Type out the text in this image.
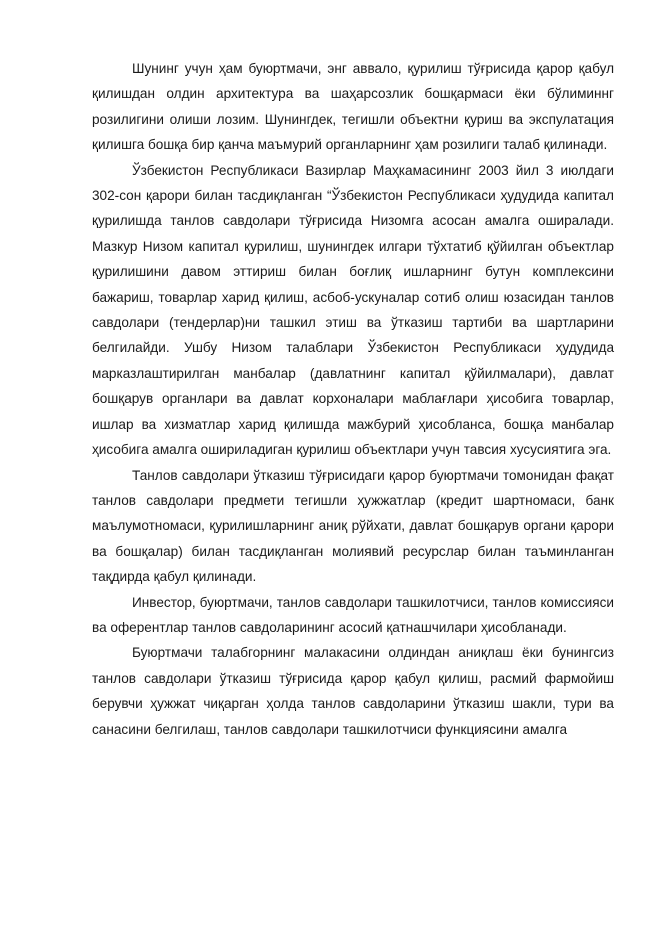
Шунинг учун ҳам буюртмачи, энг аввало, қурилиш тўғрисида қарор қабул қилишдан олдин архитектура ва шаҳарсозлик бошқармаси ёки бўлиминнг розилигини олиши лозим. Шунингдек, тегишли объектни қуриш ва экспулатация қилишга бошқа бир қанча маъмурий органларнинг ҳам розилиги талаб қилинади.

Ўзбекистон Республикаси Вазирлар Маҳкамасининг 2003 йил 3 июлдаги 302-сон қарори билан тасдиқланган “Ўзбекистон Республикаси ҳудудида капитал қурилишда танлов савдолари тўғрисида Низомга асосан амалга оширалади. Мазкур Низом капитал қурилиш, шунингдек илгари тўхтатиб қўйилган объектлар қурилишини давом эттириш билан боғлиқ ишларнинг бутун комплексини бажариш, товарлар харид қилиш, асбоб-ускуналар сотиб олиш юзасидан танлов савдолари (тендерлар)ни ташкил этиш ва ўтказиш тартиби ва шартларини белгилайди. Ушбу Низом талаблари Ўзбекистон Республикаси ҳудудида марказлаштирилган манбалар (давлатнинг капитал қўйилмалари), давлат бошқарув органлари ва давлат корхоналари маблағлари ҳисобига товарлар, ишлар ва хизматлар харид қилишда мажбурий ҳисобланса, бошқа манбалар ҳисобига амалга ошириладиган қурилиш объектлари учун тавсия хусусиятига эга.

Танлов савдолари ўтказиш тўғрисидаги қарор буюртмачи томонидан фақат танлов савдолари предмети тегишли ҳужжатлар (кредит шартномаси, банк маълумотномаси, қурилишларнинг аниқ рўйхати, давлат бошқарув органи қарори ва бошқалар) билан тасдиқланган молиявий ресурслар билан таъминланган тақдирда қабул қилинади.

Инвестор, буюртмачи, танлов савдолари ташкилотчиси, танлов комиссияси ва оферентлар танлов савдоларининг асосий қатнашчилари ҳисобланади.

Буюртмачи талабгорнинг малакасини олдиндан аниқлаш ёки бунингсиз танлов савдолари ўтказиш тўғрисида қарор қабул қилиш, расмий фармойиш берувчи ҳужжат чиқарган ҳолда танлов савдоларини ўтказиш шакли, тури ва санасини белгилаш, танлов савдолари ташкилотчиси функциясини амалга
